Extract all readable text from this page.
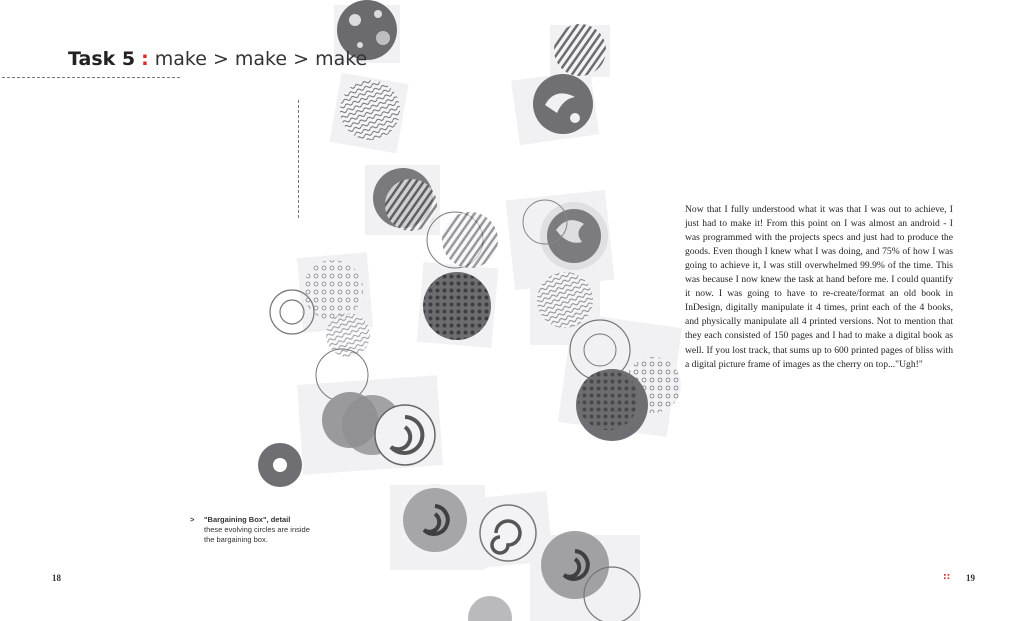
Task 5 : make > make > make

Now that I fully understood what it was that I was out to achieve, I just had to make it! From this point on I was almost an android - I was programmed with the projects specs and just had to produce the goods. Even though I knew what I was doing, and 75% of how I was going to achieve it, I was still overwhelmed 99.9% of the time. This was because I now knew the task at hand before me. I could quantify it now. I was going to have to re-create/format an old book in InDesign, digitally manipulate it 4 times, print each of the 4 books, and physically manipulate all 4 printed versions. Not to mention that they each consisted of 150 pages and I had to make a digital book as well. If you lost track, that sums up to 600 printed pages of bliss with a digital picture frame of images as the cherry on top..."Ugh!"

> "Bargaining Box", detail
these evolving circles are inside the bargaining box.
18	:: 19
